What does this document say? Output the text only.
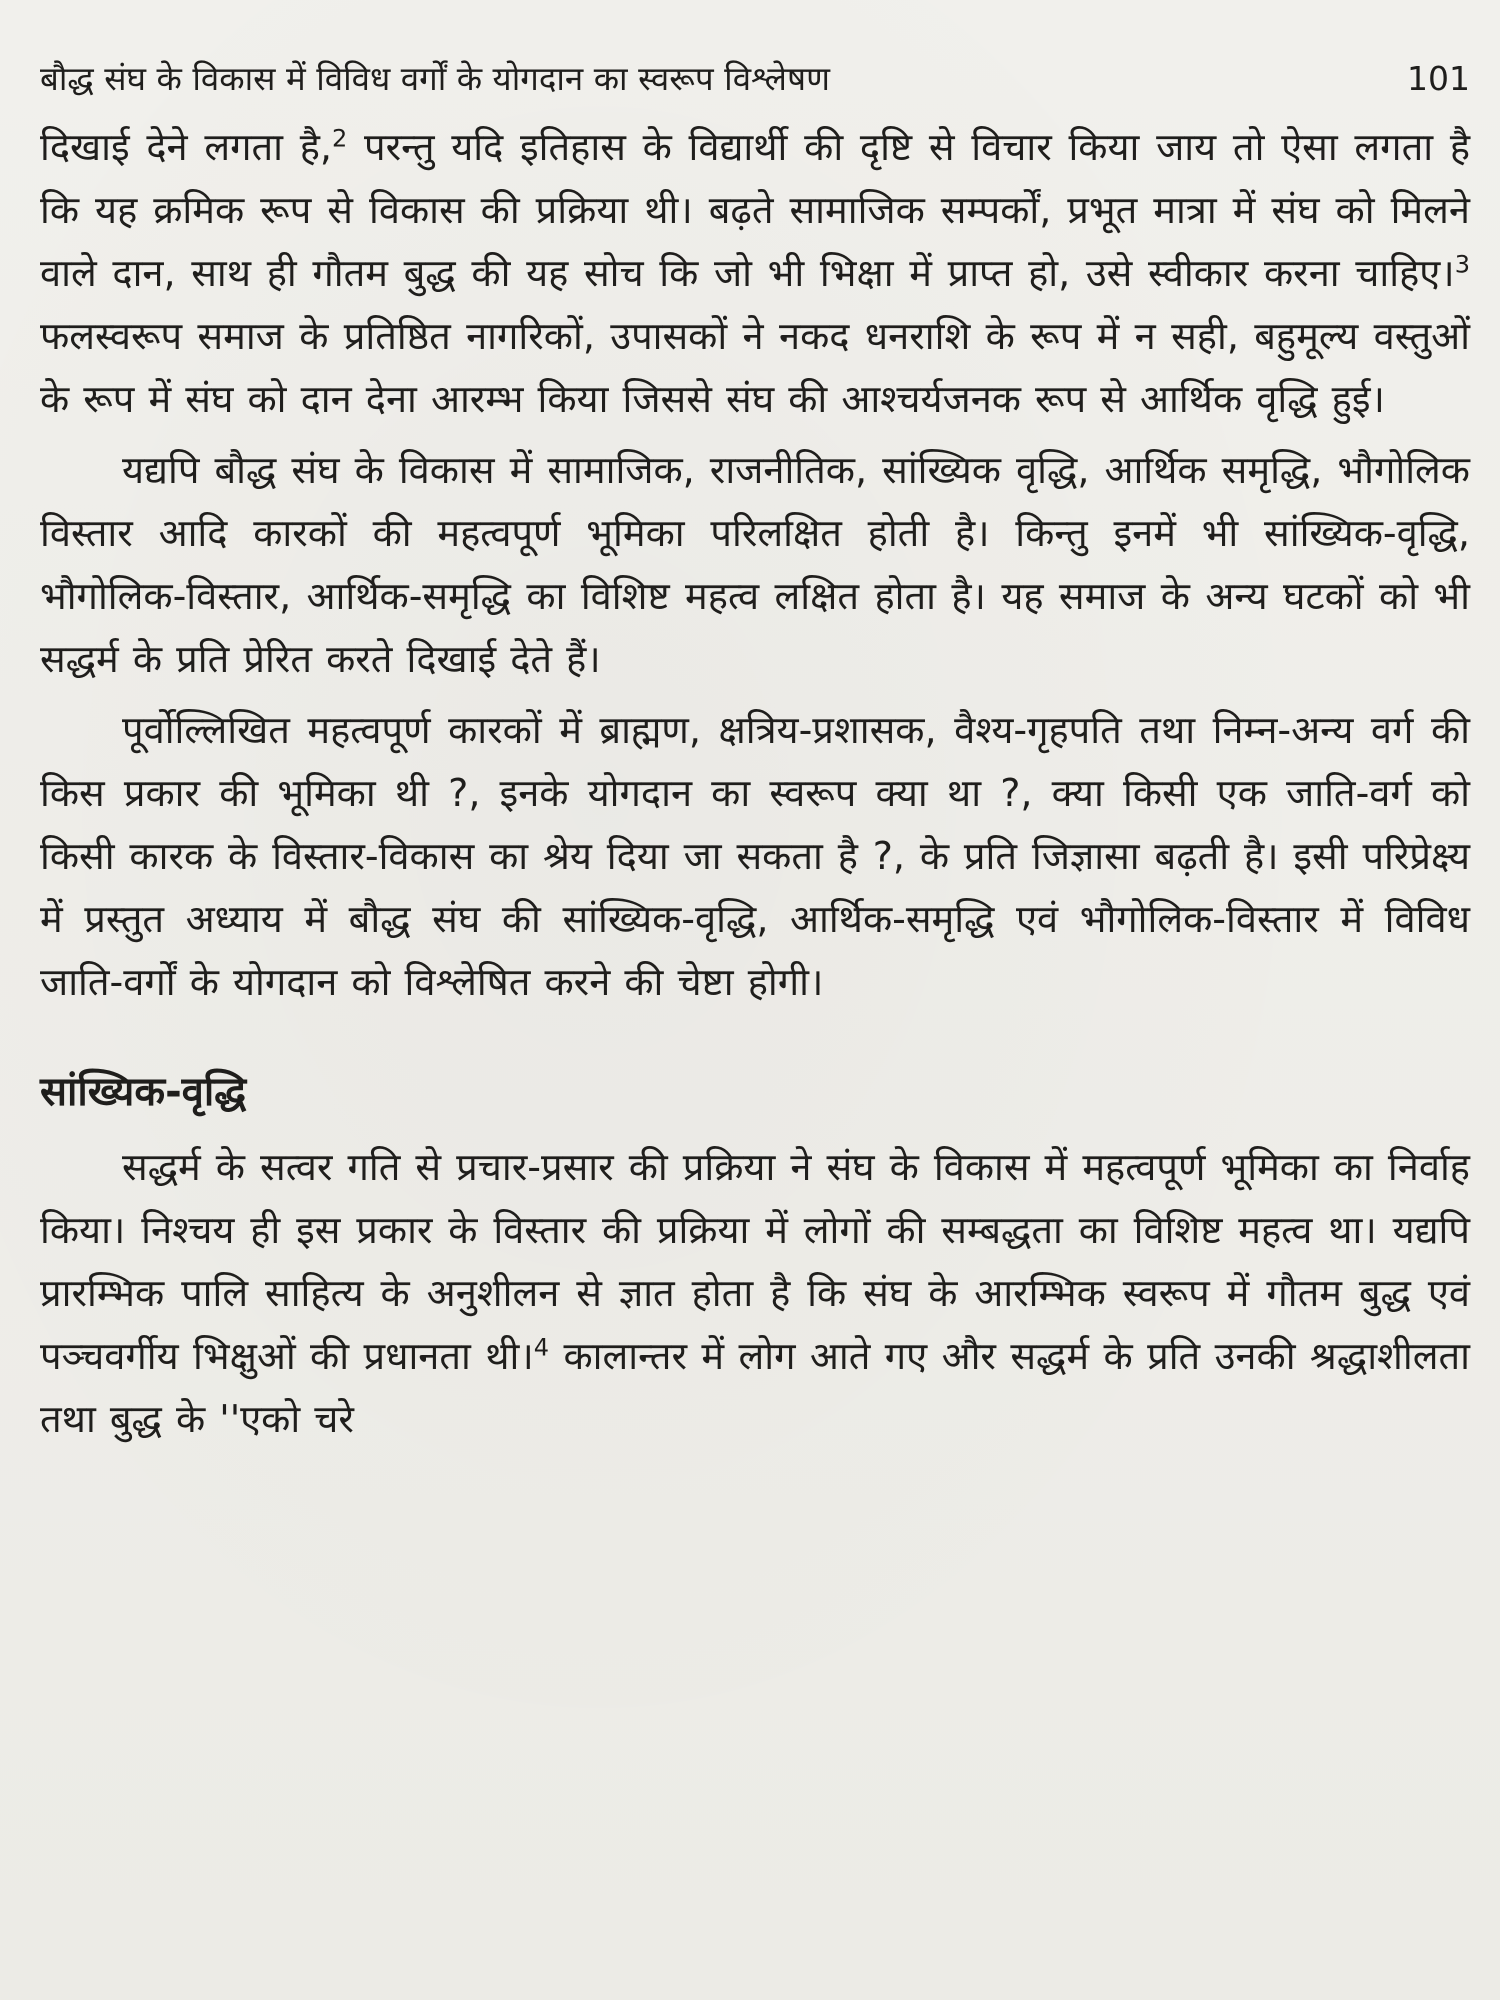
बौद्ध संघ के विकास में विविध वर्गों के योगदान का स्वरूप विश्लेषण	101

दिखाई देने लगता है,$^2$ परन्तु यदि इतिहास के विद्यार्थी की दृष्टि से विचार किया जाय तो ऐसा लगता है कि यह क्रमिक रूप से विकास की प्रक्रिया थी। बढ़ते सामाजिक सम्पर्कों, प्रभूत मात्रा में संघ को मिलने वाले दान, साथ ही गौतम बुद्ध की यह सोच कि जो भी भिक्षा में प्राप्त हो, उसे स्वीकार करना चाहिए।$^3$ फलस्वरूप समाज के प्रतिष्ठित नागरिकों, उपासकों ने नकद धनराशि के रूप में न सही, बहुमूल्य वस्तुओं के रूप में संघ को दान देना आरम्भ किया जिससे संघ की आश्चर्यजनक रूप से आर्थिक वृद्धि हुई।

यद्यपि बौद्ध संघ के विकास में सामाजिक, राजनीतिक, सांख्यिक वृद्धि, आर्थिक समृद्धि, भौगोलिक विस्तार आदि कारकों की महत्वपूर्ण भूमिका परिलक्षित होती है। किन्तु इनमें भी सांख्यिक-वृद्धि, भौगोलिक-विस्तार, आर्थिक-समृद्धि का विशिष्ट महत्व लक्षित होता है। यह समाज के अन्य घटकों को भी सद्धर्म के प्रति प्रेरित करते दिखाई देते हैं।

पूर्वोल्लिखित महत्वपूर्ण कारकों में ब्राह्मण, क्षत्रिय-प्रशासक, वैश्य-गृहपति तथा निम्न-अन्य वर्ग की किस प्रकार की भूमिका थी ?, इनके योगदान का स्वरूप क्या था ?, क्या किसी एक जाति-वर्ग को किसी कारक के विस्तार-विकास का श्रेय दिया जा सकता है ?, के प्रति जिज्ञासा बढ़ती है। इसी परिप्रेक्ष्य में प्रस्तुत अध्याय में बौद्ध संघ की सांख्यिक-वृद्धि, आर्थिक-समृद्धि एवं भौगोलिक-विस्तार में विविध जाति-वर्गों के योगदान को विश्लेषित करने की चेष्टा होगी।

सांख्यिक-वृद्धि

सद्धर्म के सत्वर गति से प्रचार-प्रसार की प्रक्रिया ने संघ के विकास में महत्वपूर्ण भूमिका का निर्वाह किया। निश्चय ही इस प्रकार के विस्तार की प्रक्रिया में लोगों की सम्बद्धता का विशिष्ट महत्व था। यद्यपि प्रारम्भिक पालि साहित्य के अनुशीलन से ज्ञात होता है कि संघ के आरम्भिक स्वरूप में गौतम बुद्ध एवं पञ्चवर्गीय भिक्षुओं की प्रधानता थी।$^4$ कालान्तर में लोग आते गए और सद्धर्म के प्रति उनकी श्रद्धाशीलता तथा बुद्ध के ''एको चरे
